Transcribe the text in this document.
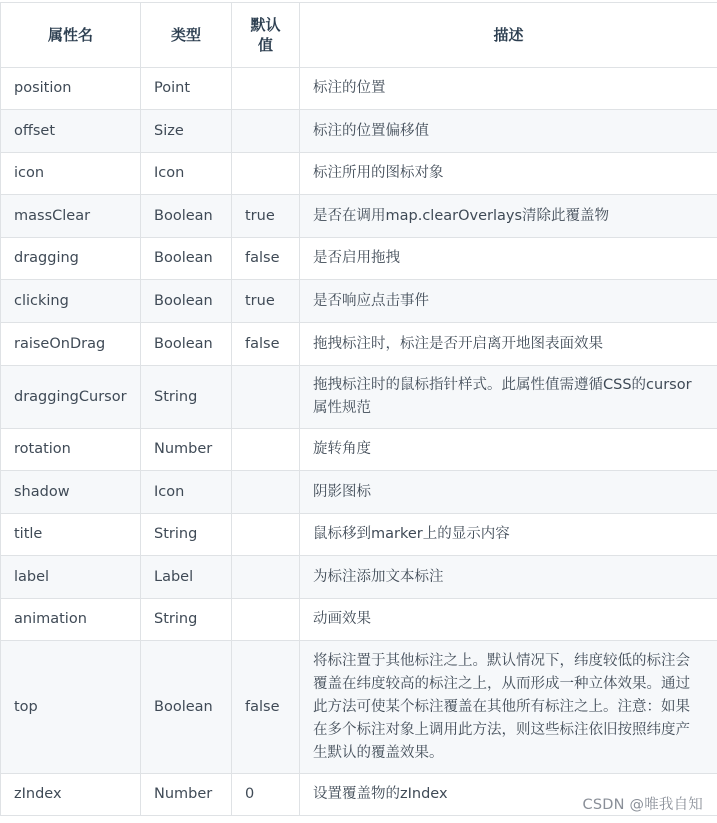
属性名	类型	默认值	描述
position	Point		标注的位置
offset	Size		标注的位置偏移值
icon	Icon		标注所用的图标对象
massClear	Boolean	true	是否在调用map.clearOverlays清除此覆盖物
dragging	Boolean	false	是否启用拖拽
clicking	Boolean	true	是否响应点击事件
raiseOnDrag	Boolean	false	拖拽标注时，标注是否开启离开地图表面效果
draggingCursor	String		拖拽标注时的鼠标指针样式。此属性值需遵循CSS的cursor属性规范
rotation	Number		旋转角度
shadow	Icon		阴影图标
title	String		鼠标移到marker上的显示内容
label	Label		为标注添加文本标注
animation	String		动画效果
top	Boolean	false	将标注置于其他标注之上。默认情况下，纬度较低的标注会覆盖在纬度较高的标注之上，从而形成一种立体效果。通过此方法可使某个标注覆盖在其他所有标注之上。注意：如果在多个标注对象上调用此方法，则这些标注依旧按照纬度产生默认的覆盖效果。
zIndex	Number	0	设置覆盖物的zIndex
CSDN @唯我自知
